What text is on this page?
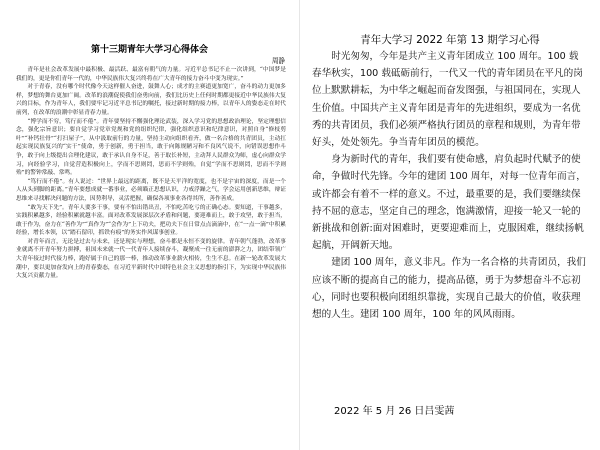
第十三期青年大学习心得体会
周静

青年是社会改革发展中最积极、最活跃、最富有朝气的力量。习近平总书记不止一次讲到，“中国梦是我们的，更是你们青年一代的，中华民族伟大复兴终将在广大青年的接力奋斗中变为现实。”

对于青春，没有哪个时代像今天这样催人奋进，鼓舞人心；成才的主赛道更加宽广，奋斗的动力更加多样，梦想的舞台更加广阔。改革的浪潮促使我们奋勇向前，我们比历史上任何时期都更接近中华民族伟大复兴的目标，作为青年人，我们要牢记习近平总书记的嘱托，接过新时期的接力棒，以青年人的姿态走在时代前列，在改革的浪潮中彰显青春力量。

“博学而不穷，笃行而不倦”。青年要坚持不懈强化理论武装，深入学习党的思想政治理论，坚定理想信念，强化宗旨意识；要自觉学习党章党规和党的组织纪律，强化组织意识和纪律意识，对照自身“修枝剪叶”“补钙壮骨”“打扫屋子”，从中汲取前行的力量，坚持主动向组织看齐，做一名合格的共青团员，主动扛起实现民族复兴的“实干”使命，勇于创新，勇于担当，敢于向陈规陋习和不良风气说不，向错误思想作斗争，敢于向上级提出合理化建议，敢于承认自身不足，善于取长补短，主动拜人民群众为师，虚心向群众学习，向经验学习，自觉营造积极向上，学而不思则罔，思而不学则殆，自觉“学而不思则罔，思而不学则殆”的警钟常敲、常鸣。

“笃行而不倦”。有人说过：“世界上最远的距离，既不是天平洋的宽度，也不是宇宙的深度，而是一个人从头到脚的距离。”青年要想成就一番事业，必须瞄正思想认识，力戒浮躁之气，学会运用创新思维，辩证思维来寻找解决问题的方法，因势利导，灵活把握，确保各项事业各得其所，善作善成。

“敢为天下先”。青年人要多干事，要有不怕出错出丑，不怕吃苦吃亏的正确心态。要知道，干事越多，实践积累越多，经验积累就越丰富。面对改革发展深层次矛盾和问题，要迎难而上，敢于攻坚，敢于担当，敢于作为，奋力在“善作为”“真作为”“会作为”上下功夫，把功夫下在日常点点滴滴中，在“一点一滴”中积累经验，增长本领，以“踏石留印，抓铁有痕”的务实作风谋事创业。

对青年而言，无论是过去与未来，还是现实与理想，奋斗都是永恒不变的旋律。青年朝气蓬勃，改革事业就离不开青年努力拼搏，祖国未来就一代一代青年人接续奋斗，凝聚成一往无前的澎湃之力，团结带领广大青年接过时代接力棒，跑好属于自己的那一棒，推动改革事业薪火相传，生生不息。在新一轮改革发展大潮中，要以更加奋发向上的青春姿态，在习近平新时代中国特色社会主义思想的指引下，为实现中华民族伟大复兴贡献力量。

青年大学习 2022 年第 13 期学习心得

时光匆匆，今年是共产主义青年团成立 100 周年。100 载春华秋实，100 载砥砺前行，一代又一代的青年团员在平凡的岗位上默默耕耘，为中华之崛起而奋发图强，与祖国同在，实现人生价值。中国共产主义青年团是青年的先进组织，要成为一名优秀的共青团员，我们必须严格执行团员的章程和规则，为青年带好头，处处领先。争当青年团员的模范。

身为新时代的青年，我们要有使命感，肩负起时代赋予的使命，争做时代先锋。今年的建团 100 周年，对每一位青年而言，或许都会有着不一样的意义。不过，最重要的是，我们要继续保持不屈的意志，坚定自己的理念，饱满激情，迎接一轮又一轮的新挑战和创新:面对困难时，更要迎难而上，克服困难，继续扬帆起航，开阔新天地。

建团 100 周年，意义非凡。作为一名合格的共青团员，我们应该不断的提高自己的能力，提高品德，勇于为梦想奋斗不忘初心，同时也要积极向团组织靠拢，实现自己最大的价值，收获理想的人生。建团 100 周年，100 年的风风雨雨。

2022 年 5 月 26 日吕雯茜
